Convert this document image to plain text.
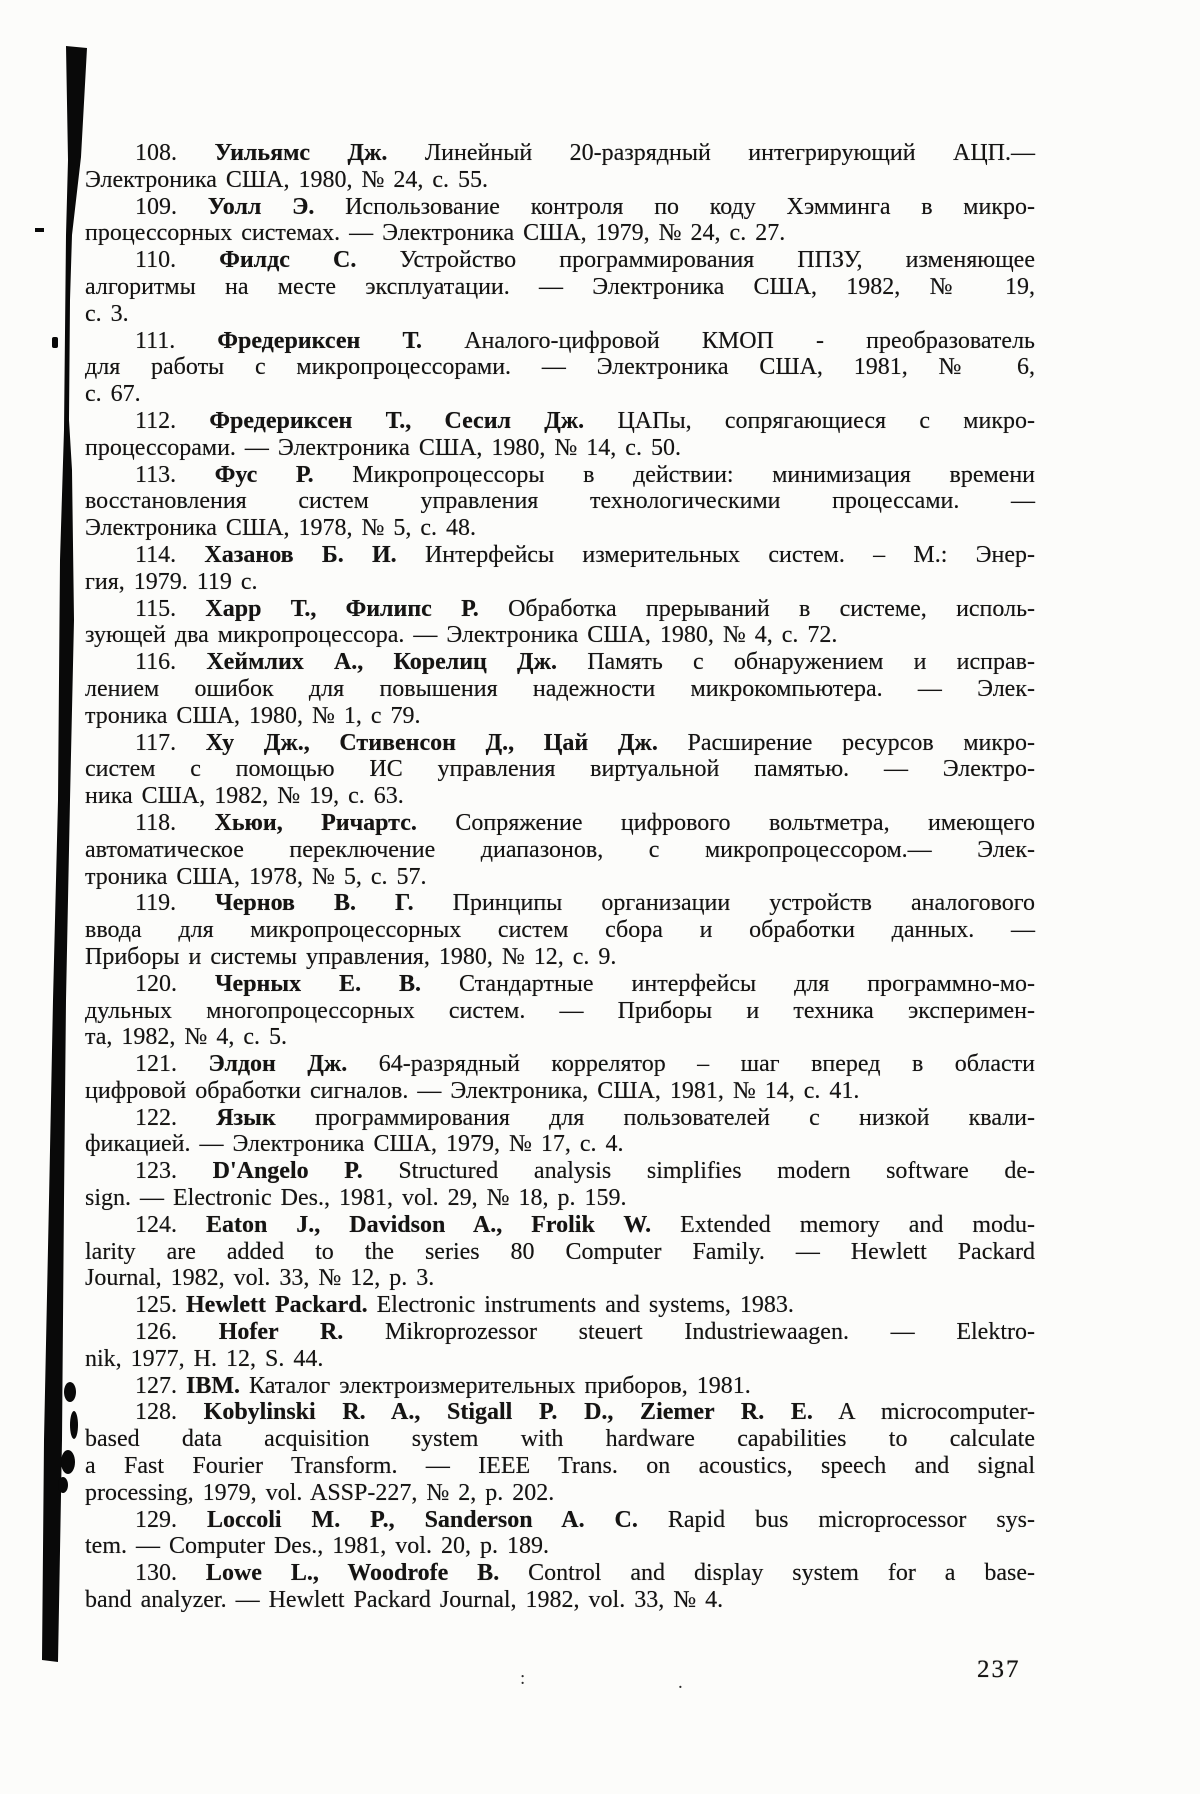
108. Уильямс Дж. Линейный 20-разрядный интегрирующий АЦП.—
Электроника США, 1980, № 24, с. 55.
109. Уолл Э. Использование контроля по коду Хэмминга в микро-
процессорных системах. — Электроника США, 1979, № 24, с. 27.
110. Филдс С. Устройство программирования ППЗУ, изменяющее
алгоритмы на месте эксплуатации. — Электроника США, 1982, № 19,
с. 3.
111. Фредериксен Т. Аналого-цифровой КМОП - преобразователь
для работы с микропроцессорами. — Электроника США, 1981, № 6,
с. 67.
112. Фредериксен Т., Сесил Дж. ЦАПы, сопрягающиеся с микро-
процессорами. — Электроника США, 1980, № 14, с. 50.
113. Фус Р. Микропроцессоры в действии: минимизация времени
восстановления систем управления технологическими процессами. —
Электроника США, 1978, № 5, с. 48.
114. Хазанов Б. И. Интерфейсы измерительных систем. – М.: Энер-
гия, 1979. 119 с.
115. Харр Т., Филипс Р. Обработка прерываний в системе, исполь-
зующей два микропроцессора. — Электроника США, 1980, № 4, с. 72.
116. Хеймлих А., Корелиц Дж. Память с обнаружением и исправ-
лением ошибок для повышения надежности микрокомпьютера. — Элек-
троника США, 1980, № 1, с 79.
117. Ху Дж., Стивенсон Д., Цай Дж. Расширение ресурсов микро-
систем с помощью ИС управления виртуальной памятью. — Электро-
ника США, 1982, № 19, с. 63.
118. Хьюи, Ричартс. Сопряжение цифрового вольтметра, имеющего
автоматическое переключение диапазонов, с микропроцессором.— Элек-
троника США, 1978, № 5, с. 57.
119. Чернов В. Г. Принципы организации устройств аналогового
ввода для микропроцессорных систем сбора и обработки данных. —
Приборы и системы управления, 1980, № 12, с. 9.
120. Черных Е. В. Стандартные интерфейсы для программно-мо-
дульных многопроцессорных систем. — Приборы и техника эксперимен-
та, 1982, № 4, с. 5.
121. Элдон Дж. 64-разрядный коррелятор – шаг вперед в области
цифровой обработки сигналов. — Электроника, США, 1981, № 14, с. 41.
122. Язык программирования для пользователей с низкой квали-
фикацией. — Электроника США, 1979, № 17, с. 4.
123. D'Angelo P. Structured analysis simplifies modern software de-
sign. — Electronic Des., 1981, vol. 29, № 18, p. 159.
124. Eaton J., Davidson A., Frolik W. Extended memory and modu-
larity are added to the series 80 Computer Family. — Hewlett Packard
Journal, 1982, vol. 33, № 12, p. 3.
125. Hewlett Packard. Electronic instruments and systems, 1983.
126. Hofer R. Mikroprozessor steuert Industriewaagen. — Elektro-
nik, 1977, H. 12, S. 44.
127. IBM. Каталог электроизмерительных приборов, 1981.
128. Kobylinski R. A., Stigall P. D., Ziemer R. E. A microcomputer-
based data acquisition system with hardware capabilities to calculate
a Fast Fourier Transform. — IEEE Trans. on acoustics, speech and signal
processing, 1979, vol. ASSP-227, № 2, p. 202.
129. Loccoli M. P., Sanderson A. C. Rapid bus microprocessor sys-
tem. — Computer Des., 1981, vol. 20, p. 189.
130. Lowe L., Woodrofe B. Control and display system for a base-
band analyzer. — Hewlett Packard Journal, 1982, vol. 33, № 4.
:	.	237
